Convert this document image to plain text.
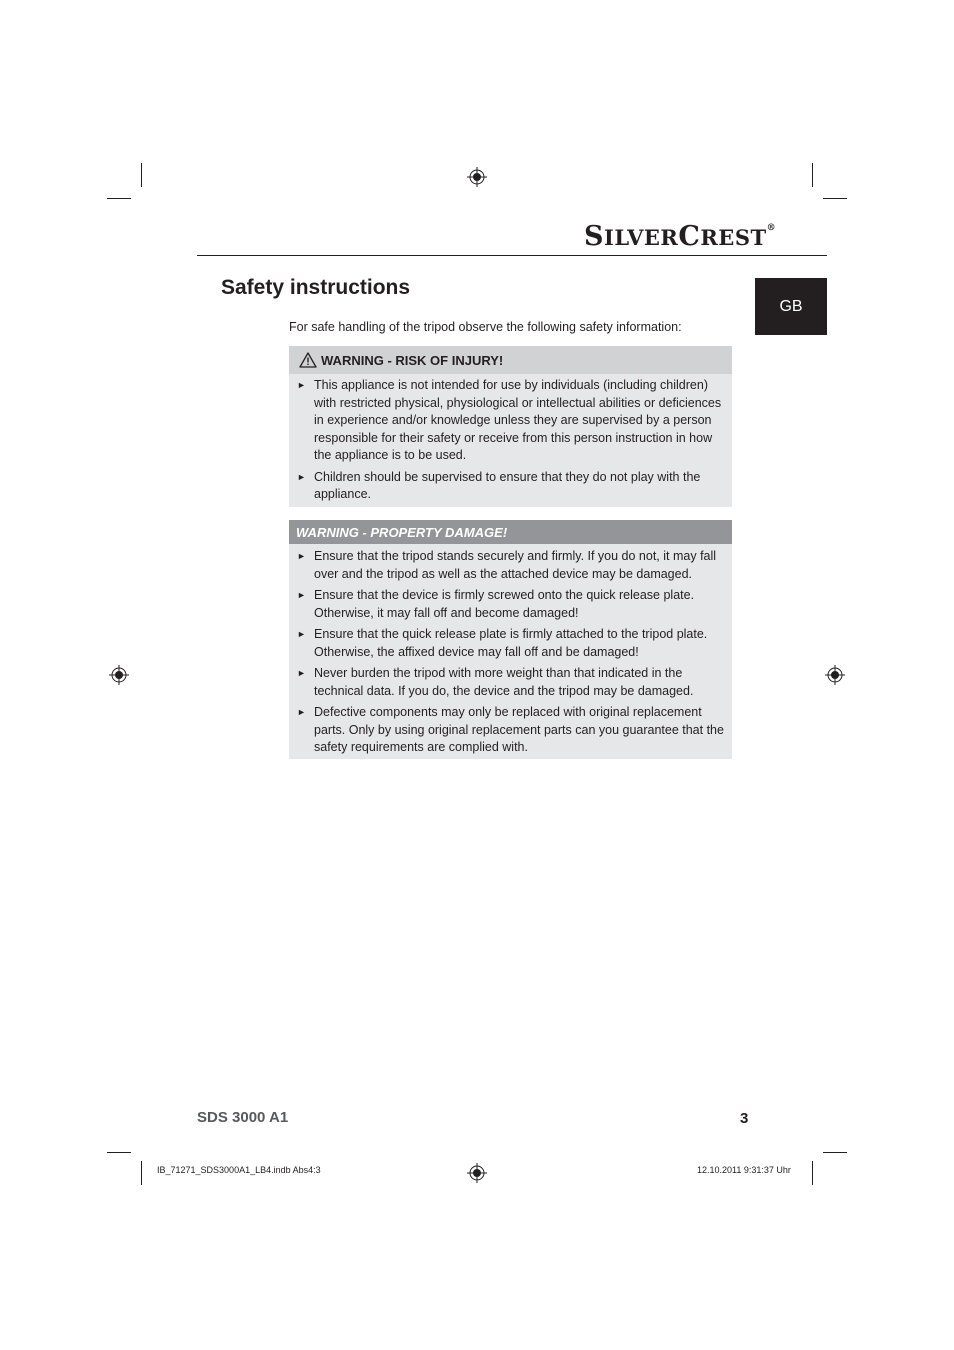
SILVERCREST®
GB
Safety instructions
For safe handling of the tripod observe the following safety information:
WARNING - RISK OF INJURY!
► This appliance is not intended for use by individuals (including children) with restricted physical, physiological or intellectual abilities or deficiences in experience and/or knowledge unless they are supervised by a person responsible for their safety or receive from this person instruction in how the appliance is to be used.
► Children should be supervised to ensure that they do not play with the appliance.
WARNING - PROPERTY DAMAGE!
► Ensure that the tripod stands securely and firmly. If you do not, it may fall over and the tripod as well as the attached device may be damaged.
► Ensure that the device is firmly screwed onto the quick release plate. Otherwise, it may fall off and become damaged!
► Ensure that the quick release plate is firmly attached to the tripod plate. Otherwise, the affixed device may fall off and be damaged!
► Never burden the tripod with more weight than that indicated in the technical data. If you do, the device and the tripod may be damaged.
► Defective components may only be replaced with original replacement parts. Only by using original replacement parts can you guarantee that the safety requirements are complied with.
SDS 3000 A1	3
IB_71271_SDS3000A1_LB4.indb Abs4:3	12.10.2011 9:31:37 Uhr
